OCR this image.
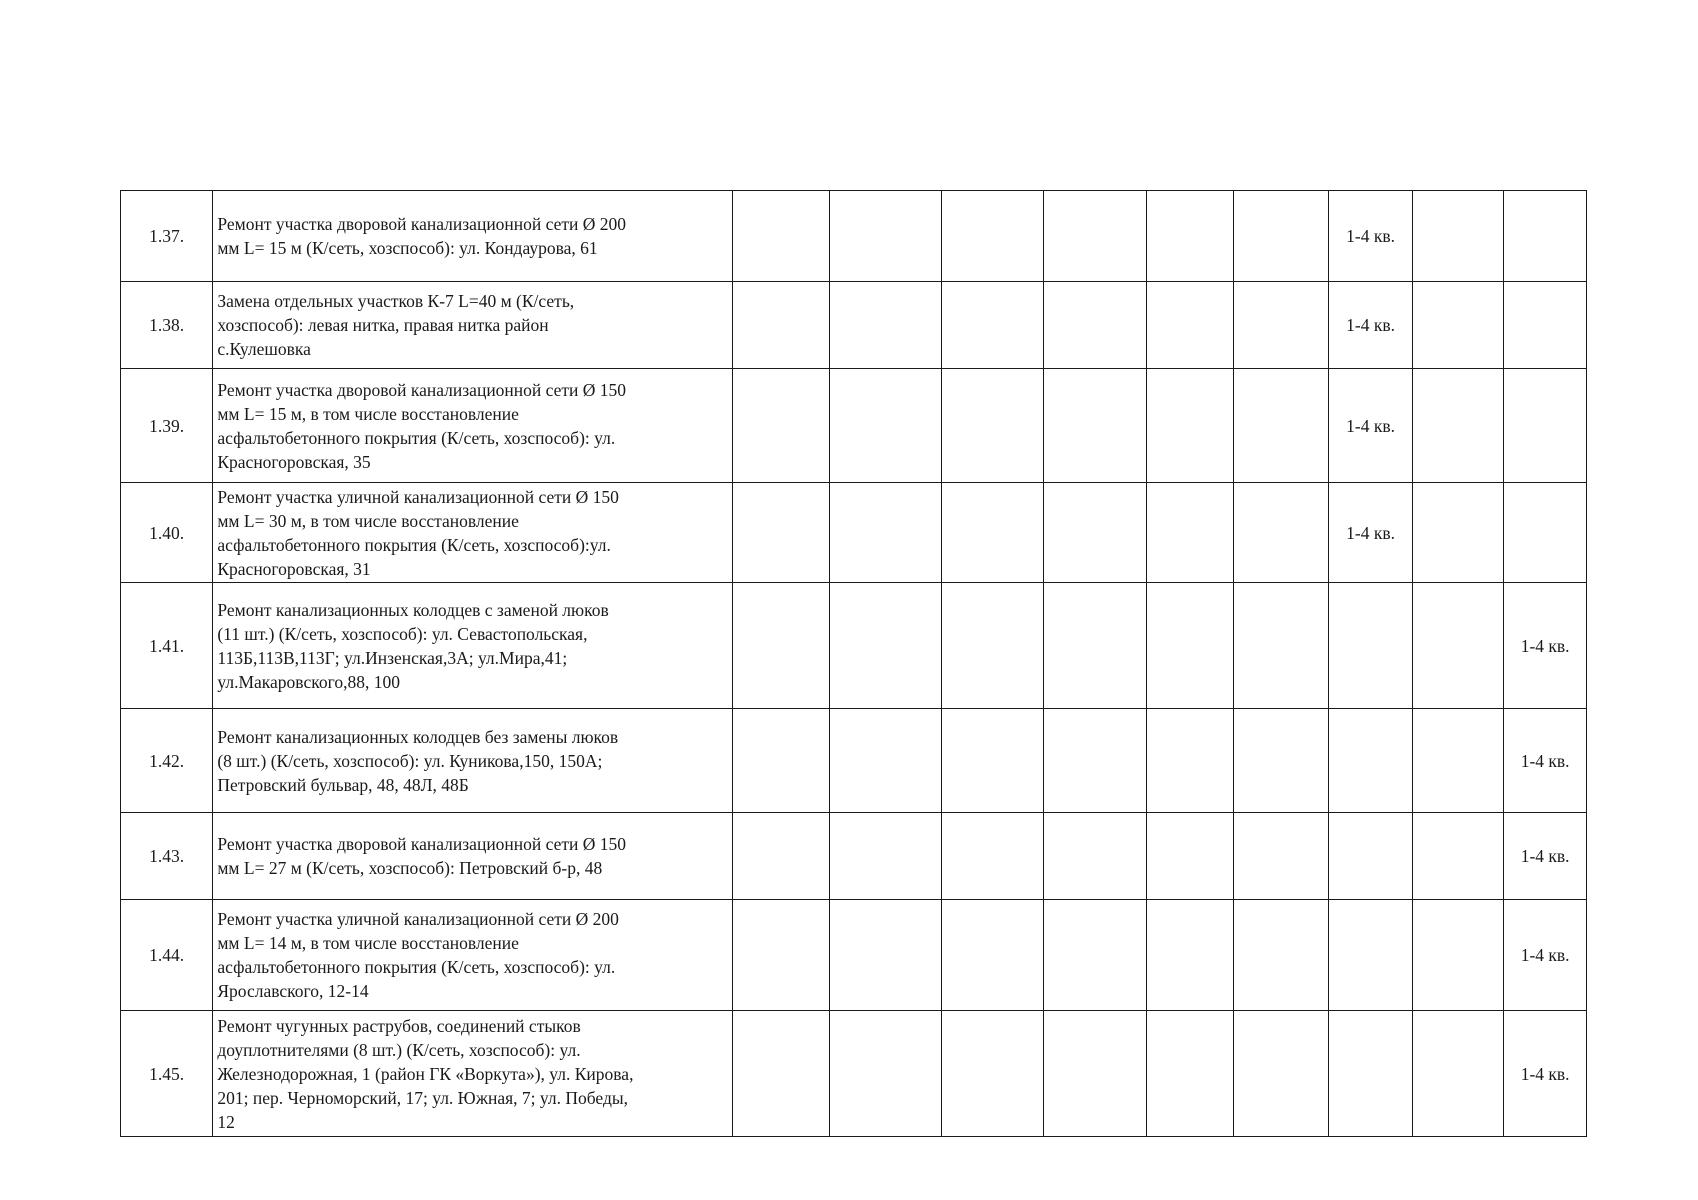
1.37.	Ремонт участка дворовой канализационной сети Ø 200
мм L= 15 м (К/сеть, хозспособ): ул. Кондаурова, 61							1-4 кв.		
1.38.	Замена отдельных участков К-7 L=40 м (К/сеть,
хозспособ): левая нитка, правая нитка район
с.Кулешовка							1-4 кв.		
1.39.	Ремонт участка дворовой канализационной сети Ø 150
мм L= 15 м, в том числе восстановление
асфальтобетонного покрытия (К/сеть, хозспособ): ул.
Красногоровская, 35							1-4 кв.		
1.40.	Ремонт участка уличной канализационной сети Ø 150
мм L= 30 м, в том числе восстановление
асфальтобетонного покрытия (К/сеть, хозспособ):ул.
Красногоровская, 31							1-4 кв.		
1.41.	Ремонт канализационных колодцев с заменой люков
(11 шт.) (К/сеть, хозспособ): ул. Севастопольская,
113Б,113В,113Г; ул.Инзенская,3А; ул.Мира,41;
ул.Макаровского,88, 100									1-4 кв.
1.42.	Ремонт канализационных колодцев без замены люков
(8 шт.) (К/сеть, хозспособ): ул. Куникова,150, 150А;
Петровский бульвар, 48, 48Л, 48Б									1-4 кв.
1.43.	Ремонт участка дворовой канализационной сети Ø 150
мм L= 27 м (К/сеть, хозспособ): Петровский б-р, 48									1-4 кв.
1.44.	Ремонт участка уличной канализационной сети Ø 200
мм L= 14 м, в том числе восстановление
асфальтобетонного покрытия (К/сеть, хозспособ): ул.
Ярославского, 12-14									1-4 кв.
1.45.	Ремонт чугунных раструбов, соединений стыков
доуплотнителями (8 шт.) (К/сеть, хозспособ): ул.
Железнодорожная, 1 (район ГК «Воркута»), ул. Кирова,
201; пер. Черноморский, 17; ул. Южная, 7; ул. Победы,
12									1-4 кв.
